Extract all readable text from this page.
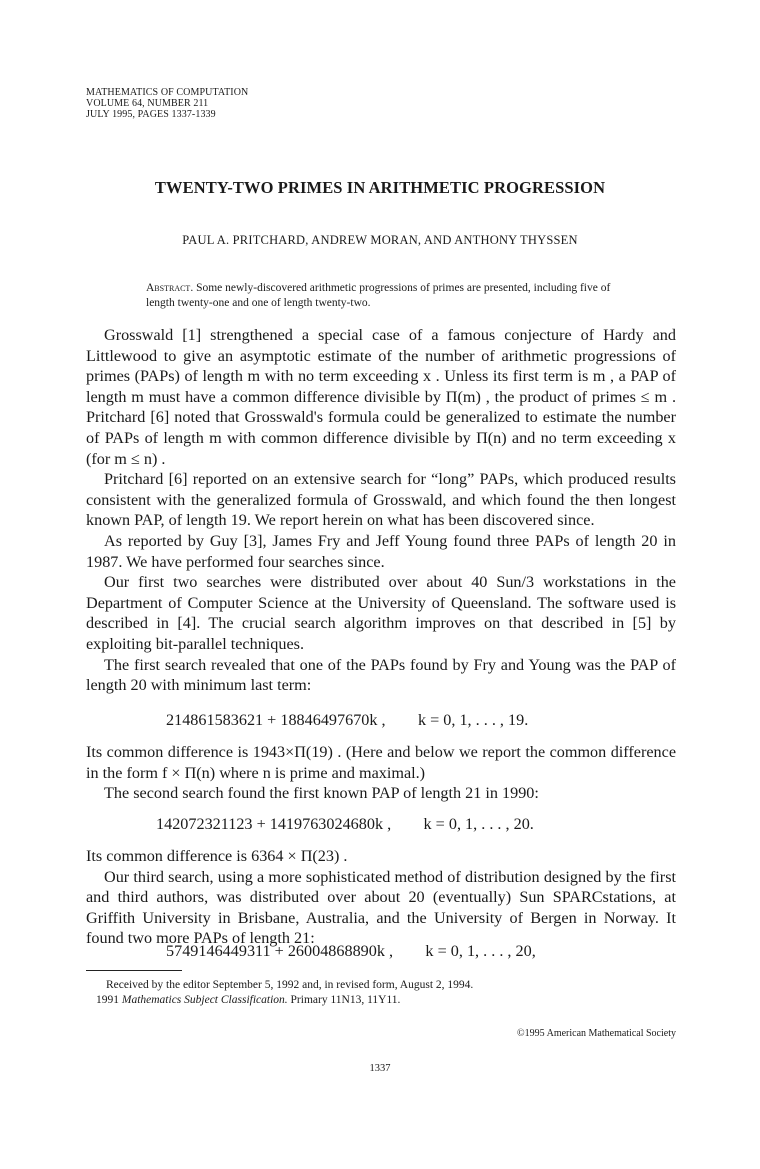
MATHEMATICS OF COMPUTATION
VOLUME 64, NUMBER 211
JULY 1995, PAGES 1337-1339
TWENTY-TWO PRIMES IN ARITHMETIC PROGRESSION
PAUL A. PRITCHARD, ANDREW MORAN, AND ANTHONY THYSSEN
Abstract. Some newly-discovered arithmetic progressions of primes are presented, including five of length twenty-one and one of length twenty-two.

Grosswald [1] strengthened a special case of a famous conjecture of Hardy and Littlewood to give an asymptotic estimate of the number of arithmetic progressions of primes (PAPs) of length m with no term exceeding x . Unless its first term is m , a PAP of length m must have a common difference divisible by Π(m) , the product of primes ≤ m . Pritchard [6] noted that Grosswald's formula could be generalized to estimate the number of PAPs of length m with common difference divisible by Π(n) and no term exceeding x (for m ≤ n) .

Pritchard [6] reported on an extensive search for “long” PAPs, which produced results consistent with the generalized formula of Grosswald, and which found the then longest known PAP, of length 19. We report herein on what has been discovered since.

As reported by Guy [3], James Fry and Jeff Young found three PAPs of length 20 in 1987. We have performed four searches since.

Our first two searches were distributed over about 40 Sun/3 workstations in the Department of Computer Science at the University of Queensland. The software used is described in [4]. The crucial search algorithm improves on that described in [5] by exploiting bit-parallel techniques.

The first search revealed that one of the PAPs found by Fry and Young was the PAP of length 20 with minimum last term:

214861583621 + 18846497670k ,        k = 0, 1, . . . , 19.

Its common difference is 1943×Π(19) . (Here and below we report the common difference in the form f × Π(n) where n is prime and maximal.)

The second search found the first known PAP of length 21 in 1990:

142072321123 + 1419763024680k ,        k = 0, 1, . . . , 20.

Its common difference is 6364 × Π(23) .

Our third search, using a more sophisticated method of distribution designed by the first and third authors, was distributed over about 20 (eventually) Sun SPARCstations, at Griffith University in Brisbane, Australia, and the University of Bergen in Norway. It found two more PAPs of length 21:

5749146449311 + 26004868890k ,        k = 0, 1, . . . , 20,
Received by the editor September 5, 1992 and, in revised form, August 2, 1994.
1991 Mathematics Subject Classification. Primary 11N13, 11Y11.
©1995 American Mathematical Society
1337
